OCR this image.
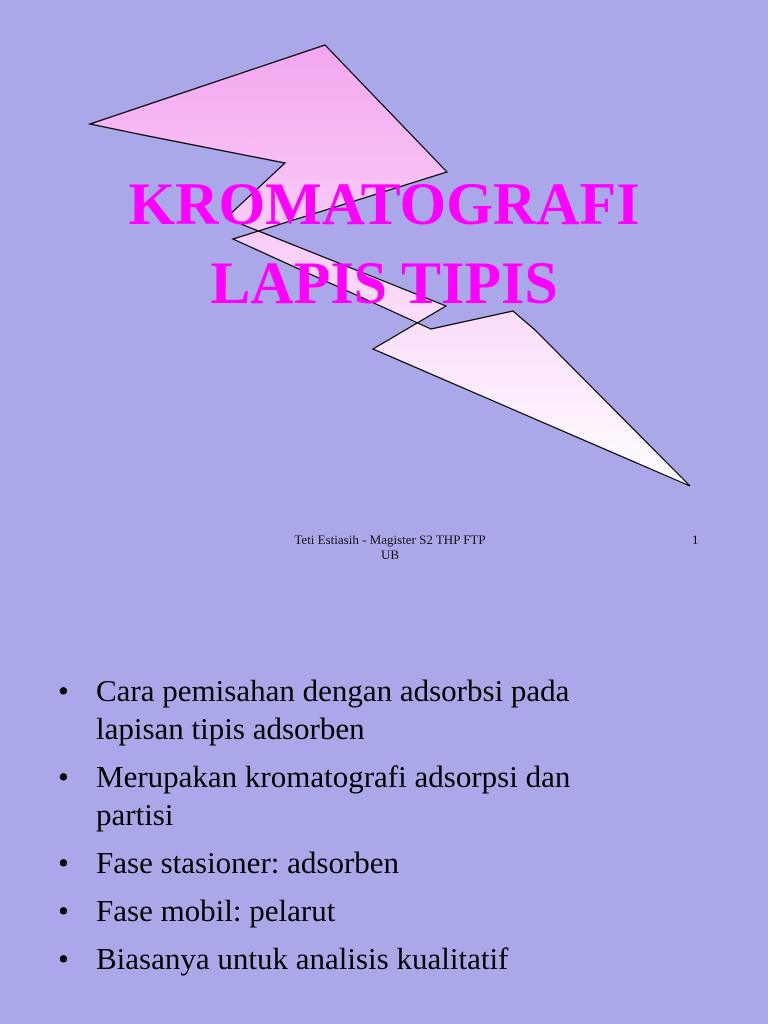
KROMATOGRAFI
LAPIS TIPIS
Teti Estiasih - Magister S2 THP FTP
UB
1
• Cara pemisahan dengan adsorbsi pada
lapisan tipis adsorben
• Merupakan kromatografi adsorpsi dan
partisi
• Fase stasioner: adsorben
• Fase mobil: pelarut
• Biasanya untuk analisis kualitatif
